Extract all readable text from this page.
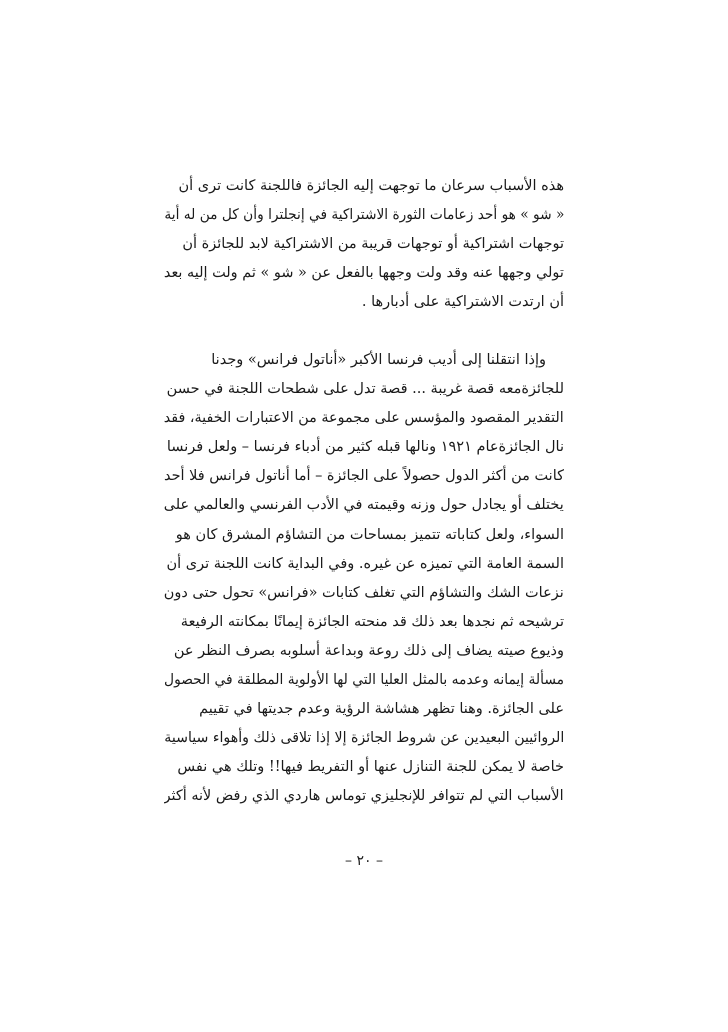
هذه الأسباب سرعان ما توجهت إليه الجائزة فاللجنة كانت ترى أن
« شو » هو أحد زعامات الثورة الاشتراكية في إنجلترا وأن كل من له أية
توجهات اشتراكية أو توجهات قريبة من الاشتراكية لابد للجائزة أن
تولي وجهها عنه وقد ولت وجهها بالفعل عن « شو » ثم ولت إليه بعد
أن ارتدت الاشتراكية على أدبارها .
وإذا انتقلنا إلى أديب فرنسا الأكبر «أناتول فرانس» وجدنا
للجائزةمعه قصة غريبة ... قصة تدل على شطحات اللجنة في حسن
التقدير المقصود والمؤسس على مجموعة من الاعتبارات الخفية، فقد
نال الجائزةعام ١٩٢١ ونالها قبله كثير من أدباء فرنسا – ولعل فرنسا
كانت من أكثر الدول حصولاً على الجائزة – أما أناتول فرانس فلا أحد
يختلف أو يجادل حول وزنه وقيمته في الأدب الفرنسي والعالمي على
السواء، ولعل كتاباته تتميز بمساحات من التشاؤم المشرق كان هو
السمة العامة التي تميزه عن غيره. وفي البداية كانت اللجنة ترى أن
نزعات الشك والتشاؤم التي تغلف كتابات «فرانس» تحول حتى دون
ترشيحه ثم نجدها بعد ذلك قد منحته الجائزة إيمانًا بمكانته الرفيعة
وذيوع صيته يضاف إلى ذلك روعة وبداعة أسلوبه بصرف النظر عن
مسألة إيمانه وعدمه بالمثل العليا التي لها الأولوية المطلقة في الحصول
على الجائزة. وهنا تظهر هشاشة الرؤية وعدم جديتها في تقييم
الروائيين البعيدين عن شروط الجائزة إلا إذا تلاقى ذلك وأهواء سياسية
خاصة لا يمكن للجنة التنازل عنها أو التفريط فيها!! وتلك هي نفس
الأسباب التي لم تتوافر للإنجليزي توماس هاردي الذي رفض لأنه أكثر
– ٢٠ –
